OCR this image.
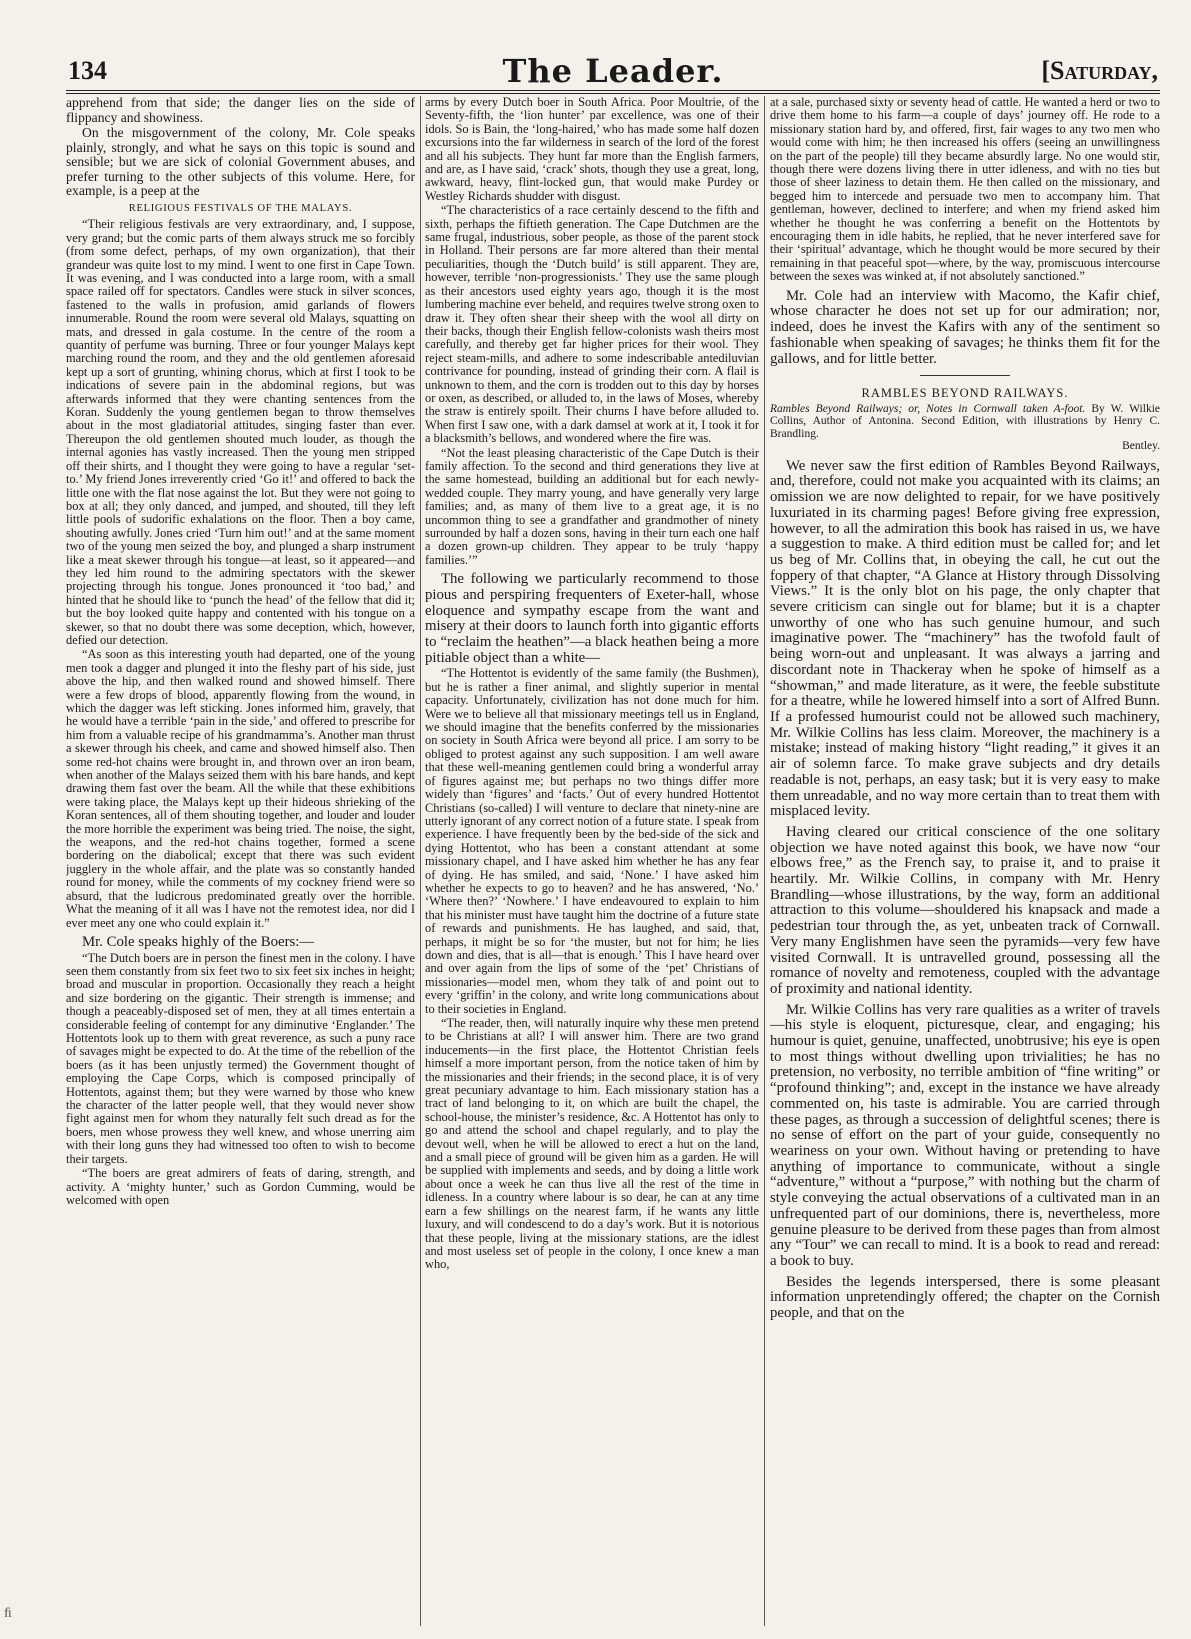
134	The Leader.	[Saturday,

apprehend from that side; the danger lies on the side of flippancy and showiness.

On the misgovernment of the colony, Mr. Cole speaks plainly, strongly, and what he says on this topic is sound and sensible; but we are sick of colonial Government abuses, and prefer turning to the other subjects of this volume. Here, for example, is a peep at the

RELIGIOUS FESTIVALS OF THE MALAYS.

“Their religious festivals are very extraordinary, and, I suppose, very grand; but the comic parts of them always struck me so forcibly (from some defect, perhaps, of my own organization), that their grandeur was quite lost to my mind. I went to one first in Cape Town. It was evening, and I was conducted into a large room, with a small space railed off for spectators. Candles were stuck in silver sconces, fastened to the walls in profusion, amid garlands of flowers innumerable. Round the room were several old Malays, squatting on mats, and dressed in gala costume. In the centre of the room a quantity of perfume was burning. Three or four younger Malays kept marching round the room, and they and the old gentlemen aforesaid kept up a sort of grunting, whining chorus, which at first I took to be indications of severe pain in the abdominal regions, but was afterwards informed that they were chanting sentences from the Koran. Suddenly the young gentlemen began to throw themselves about in the most gladiatorial attitudes, singing faster than ever. Thereupon the old gentlemen shouted much louder, as though the internal agonies has vastly increased. Then the young men stripped off their shirts, and I thought they were going to have a regular ‘set-to.’ My friend Jones irreverently cried ‘Go it!’ and offered to back the little one with the flat nose against the lot. But they were not going to box at all; they only danced, and jumped, and shouted, till they left little pools of sudorific exhalations on the floor. Then a boy came, shouting awfully. Jones cried ‘Turn him out!’ and at the same moment two of the young men seized the boy, and plunged a sharp instrument like a meat skewer through his tongue—at least, so it appeared—and they led him round to the admiring spectators with the skewer projecting through his tongue. Jones pronounced it ‘too bad,’ and hinted that he should like to ‘punch the head’ of the fellow that did it; but the boy looked quite happy and contented with his tongue on a skewer, so that no doubt there was some deception, which, however, defied our detection.

“As soon as this interesting youth had departed, one of the young men took a dagger and plunged it into the fleshy part of his side, just above the hip, and then walked round and showed himself. There were a few drops of blood, apparently flowing from the wound, in which the dagger was left sticking. Jones informed him, gravely, that he would have a terrible ‘pain in the side,’ and offered to prescribe for him from a valuable recipe of his grandmamma’s. Another man thrust a skewer through his cheek, and came and showed himself also. Then some red-hot chains were brought in, and thrown over an iron beam, when another of the Malays seized them with his bare hands, and kept drawing them fast over the beam. All the while that these exhibitions were taking place, the Malays kept up their hideous shrieking of the Koran sentences, all of them shouting together, and louder and louder the more horrible the experiment was being tried. The noise, the sight, the weapons, and the red-hot chains together, formed a scene bordering on the diabolical; except that there was such evident jugglery in the whole affair, and the plate was so constantly handed round for money, while the comments of my cockney friend were so absurd, that the ludicrous predominated greatly over the horrible. What the meaning of it all was I have not the remotest idea, nor did I ever meet any one who could explain it.”

Mr. Cole speaks highly of the Boers:—

“The Dutch boers are in person the finest men in the colony. I have seen them constantly from six feet two to six feet six inches in height; broad and muscular in proportion. Occasionally they reach a height and size bordering on the gigantic. Their strength is immense; and though a peaceably-disposed set of men, they at all times entertain a considerable feeling of contempt for any diminutive ‘Englander.’ The Hottentots look up to them with great reverence, as such a puny race of savages might be expected to do. At the time of the rebellion of the boers (as it has been unjustly termed) the Government thought of employing the Cape Corps, which is composed principally of Hottentots, against them; but they were warned by those who knew the character of the latter people well, that they would never show fight against men for whom they naturally felt such dread as for the boers, men whose prowess they well knew, and whose unerring aim with their long guns they had witnessed too often to wish to become their targets.

“The boers are great admirers of feats of daring, strength, and activity. A ‘mighty hunter,’ such as Gordon Cumming, would be welcomed with open

arms by every Dutch boer in South Africa. Poor Moultrie, of the Seventy-fifth, the ‘lion hunter’ par excellence, was one of their idols. So is Bain, the ‘long-haired,’ who has made some half dozen excursions into the far wilderness in search of the lord of the forest and all his subjects. They hunt far more than the English farmers, and are, as I have said, ‘crack’ shots, though they use a great, long, awkward, heavy, flint-locked gun, that would make Purdey or Westley Richards shudder with disgust.

“The characteristics of a race certainly descend to the fifth and sixth, perhaps the fiftieth generation. The Cape Dutchmen are the same frugal, industrious, sober people, as those of the parent stock in Holland. Their persons are far more altered than their mental peculiarities, though the ‘Dutch build’ is still apparent. They are, however, terrible ‘non-progressionists.’ They use the same plough as their ancestors used eighty years ago, though it is the most lumbering machine ever beheld, and requires twelve strong oxen to draw it. They often shear their sheep with the wool all dirty on their backs, though their English fellow-colonists wash theirs most carefully, and thereby get far higher prices for their wool. They reject steam-mills, and adhere to some indescribable antediluvian contrivance for pounding, instead of grinding their corn. A flail is unknown to them, and the corn is trodden out to this day by horses or oxen, as described, or alluded to, in the laws of Moses, whereby the straw is entirely spoilt. Their churns I have before alluded to. When first I saw one, with a dark damsel at work at it, I took it for a blacksmith’s bellows, and wondered where the fire was.

“Not the least pleasing characteristic of the Cape Dutch is their family affection. To the second and third generations they live at the same homestead, building an additional but for each newly-wedded couple. They marry young, and have generally very large families; and, as many of them live to a great age, it is no uncommon thing to see a grandfather and grandmother of ninety surrounded by half a dozen sons, having in their turn each one half a dozen grown-up children. They appear to be truly ‘happy families.’”

The following we particularly recommend to those pious and perspiring frequenters of Exeter-hall, whose eloquence and sympathy escape from the want and misery at their doors to launch forth into gigantic efforts to “reclaim the heathen”—a black heathen being a more pitiable object than a white—

“The Hottentot is evidently of the same family (the Bushmen), but he is rather a finer animal, and slightly superior in mental capacity. Unfortunately, civilization has not done much for him. Were we to believe all that missionary meetings tell us in England, we should imagine that the benefits conferred by the missionaries on society in South Africa were beyond all price. I am sorry to be obliged to protest against any such supposition. I am well aware that these well-meaning gentlemen could bring a wonderful array of figures against me; but perhaps no two things differ more widely than ‘figures’ and ‘facts.’ Out of every hundred Hottentot Christians (so-called) I will venture to declare that ninety-nine are utterly ignorant of any correct notion of a future state. I speak from experience. I have frequently been by the bed-side of the sick and dying Hottentot, who has been a constant attendant at some missionary chapel, and I have asked him whether he has any fear of dying. He has smiled, and said, ‘None.’ I have asked him whether he expects to go to heaven? and he has answered, ‘No.’ ‘Where then?’ ‘Nowhere.’ I have endeavoured to explain to him that his minister must have taught him the doctrine of a future state of rewards and punishments. He has laughed, and said, that, perhaps, it might be so for ‘the muster, but not for him; he lies down and dies, that is all—that is enough.’ This I have heard over and over again from the lips of some of the ‘pet’ Christians of missionaries—model men, whom they talk of and point out to every ‘griffin’ in the colony, and write long communications about to their societies in England.

“The reader, then, will naturally inquire why these men pretend to be Christians at all? I will answer him. There are two grand inducements—in the first place, the Hottentot Christian feels himself a more important person, from the notice taken of him by the missionaries and their friends; in the second place, it is of very great pecuniary advantage to him. Each missionary station has a tract of land belonging to it, on which are built the chapel, the school-house, the minister’s residence, &c. A Hottentot has only to go and attend the school and chapel regularly, and to play the devout well, when he will be allowed to erect a hut on the land, and a small piece of ground will be given him as a garden. He will be supplied with implements and seeds, and by doing a little work about once a week he can thus live all the rest of the time in idleness. In a country where labour is so dear, he can at any time earn a few shillings on the nearest farm, if he wants any little luxury, and will condescend to do a day’s work. But it is notorious that these people, living at the missionary stations, are the idlest and most useless set of people in the colony, I once knew a man who,

at a sale, purchased sixty or seventy head of cattle. He wanted a herd or two to drive them home to his farm—a couple of days’ journey off. He rode to a missionary station hard by, and offered, first, fair wages to any two men who would come with him; he then increased his offers (seeing an unwillingness on the part of the people) till they became absurdly large. No one would stir, though there were dozens living there in utter idleness, and with no ties but those of sheer laziness to detain them. He then called on the missionary, and begged him to intercede and persuade two men to accompany him. That gentleman, however, declined to interfere; and when my friend asked him whether he thought he was conferring a benefit on the Hottentots by encouraging them in idle habits, he replied, that he never interfered save for their ‘spiritual’ advantage, which he thought would be more secured by their remaining in that peaceful spot—where, by the way, promiscuous intercourse between the sexes was winked at, if not absolutely sanctioned.”

Mr. Cole had an interview with Macomo, the Kafir chief, whose character he does not set up for our admiration; nor, indeed, does he invest the Kafirs with any of the sentiment so fashionable when speaking of savages; he thinks them fit for the gallows, and for little better.

RAMBLES BEYOND RAILWAYS.

Rambles Beyond Railways; or, Notes in Cornwall taken A-foot. By W. Wilkie Collins, Author of Antonina. Second Edition, with illustrations by Henry C. Brandling.
Bentley.

We never saw the first edition of Rambles Beyond Railways, and, therefore, could not make you acquainted with its claims; an omission we are now delighted to repair, for we have positively luxuriated in its charming pages! Before giving free expression, however, to all the admiration this book has raised in us, we have a suggestion to make. A third edition must be called for; and let us beg of Mr. Collins that, in obeying the call, he cut out the foppery of that chapter, “A Glance at History through Dissolving Views.” It is the only blot on his page, the only chapter that severe criticism can single out for blame; but it is a chapter unworthy of one who has such genuine humour, and such imaginative power. The “machinery” has the twofold fault of being worn-out and unpleasant. It was always a jarring and discordant note in Thackeray when he spoke of himself as a “showman,” and made literature, as it were, the feeble substitute for a theatre, while he lowered himself into a sort of Alfred Bunn. If a professed humourist could not be allowed such machinery, Mr. Wilkie Collins has less claim. Moreover, the machinery is a mistake; instead of making history “light reading,” it gives it an air of solemn farce. To make grave subjects and dry details readable is not, perhaps, an easy task; but it is very easy to make them unreadable, and no way more certain than to treat them with misplaced levity.

Having cleared our critical conscience of the one solitary objection we have noted against this book, we have now “our elbows free,” as the French say, to praise it, and to praise it heartily. Mr. Wilkie Collins, in company with Mr. Henry Brandling—whose illustrations, by the way, form an additional attraction to this volume—shouldered his knapsack and made a pedestrian tour through the, as yet, unbeaten track of Cornwall. Very many Englishmen have seen the pyramids—very few have visited Cornwall. It is untravelled ground, possessing all the romance of novelty and remoteness, coupled with the advantage of proximity and national identity.

Mr. Wilkie Collins has very rare qualities as a writer of travels—his style is eloquent, picturesque, clear, and engaging; his humour is quiet, genuine, unaffected, unobtrusive; his eye is open to most things without dwelling upon trivialities; he has no pretension, no verbosity, no terrible ambition of “fine writing” or “profound thinking”; and, except in the instance we have already commented on, his taste is admirable. You are carried through these pages, as through a succession of delightful scenes; there is no sense of effort on the part of your guide, consequently no weariness on your own. Without having or pretending to have anything of importance to communicate, without a single “adventure,” without a “purpose,” with nothing but the charm of style conveying the actual observations of a cultivated man in an unfrequented part of our dominions, there is, nevertheless, more genuine pleasure to be derived from these pages than from almost any “Tour” we can recall to mind. It is a book to read and reread: a book to buy.

Besides the legends interspersed, there is some pleasant information unpretendingly offered; the chapter on the Cornish people, and that on the

ﬁ
